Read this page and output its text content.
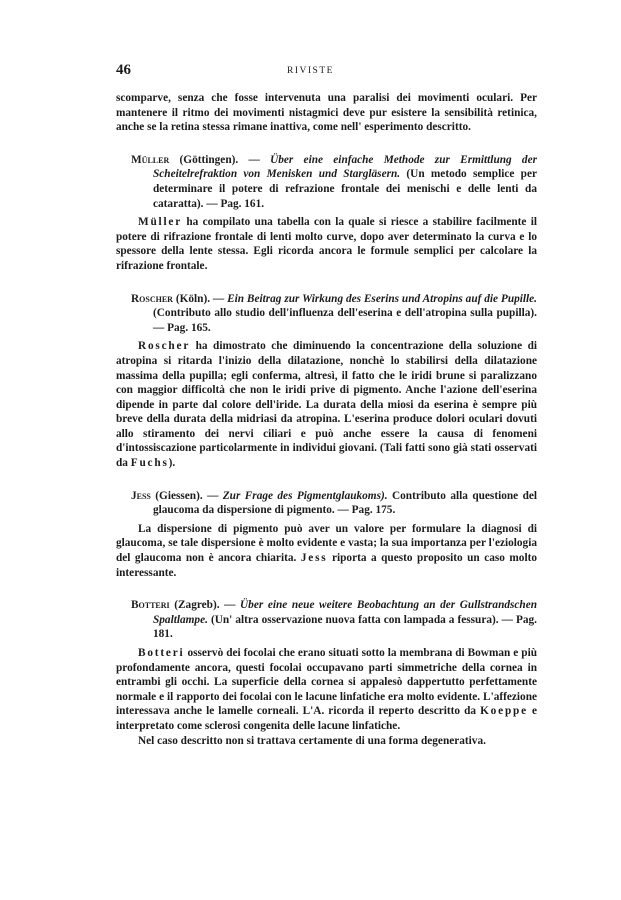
46	RIVISTE

scomparve, senza che fosse intervenuta una paralisi dei movimenti oculari. Per mantenere il ritmo dei movimenti nistagmici deve pur esistere la sensibilità retinica, anche se la retina stessa rimane inattiva, come nell' esperimento descritto.

Müller (Göttingen). — Über eine einfache Methode zur Ermittlung der Scheitelrefraktion von Menisken und Stargläsern. (Un metodo semplice per determinare il potere di refrazione frontale dei menischi e delle lenti da cataratta). — Pag. 161.

Müller ha compilato una tabella con la quale si riesce a stabilire facilmente il potere di rifrazione frontale di lenti molto curve, dopo aver determinato la curva e lo spessore della lente stessa. Egli ricorda ancora le formule semplici per calcolare la rifrazione frontale.

Roscher (Köln). — Ein Beitrag zur Wirkung des Eserins und Atropins auf die Pupille. (Contributo allo studio dell'influenza dell'eserina e dell'atropina sulla pupilla). — Pag. 165.

Roscher ha dimostrato che diminuendo la concentrazione della soluzione di atropina si ritarda l'inizio della dilatazione, nonchè lo stabilirsi della dilatazione massima della pupilla; egli conferma, altresì, il fatto che le iridi brune si paralizzano con maggior difficoltà che non le iridi prive di pigmento. Anche l'azione dell'eserina dipende in parte dal colore dell'iride. La durata della miosi da eserina è sempre più breve della durata della midriasi da atropina. L'eserina produce dolori oculari dovuti allo stiramento dei nervi ciliari e può anche essere la causa di fenomeni d'intossiscazione particolarmente in individui giovani. (Tali fatti sono già stati osservati da Fuchs).

Jess (Giessen). — Zur Frage des Pigmentglaukoms). Contributo alla questione del glaucoma da dispersione di pigmento. — Pag. 175.

La dispersione di pigmento può aver un valore per formulare la diagnosi di glaucoma, se tale dispersione è molto evidente e vasta; la sua importanza per l'eziologia del glaucoma non è ancora chiarita. Jess riporta a questo proposito un caso molto interessante.

Botteri (Zagreb). — Über eine neue weitere Beobachtung an der Gullstrandschen Spaltlampe. (Un' altra osservazione nuova fatta con lampada a fessura). — Pag. 181.

Botteri osservò dei focolai che erano situati sotto la membrana di Bowman e più profondamente ancora, questi focolai occupavano parti simmetriche della cornea in entrambi gli occhi. La superficie della cornea si appalesò dappertutto perfettamente normale e il rapporto dei focolai con le lacune linfatiche era molto evidente. L'affezione interessava anche le lamelle corneali. L'A. ricorda il reperto descritto da Koeppe e interpretato come sclerosi congenita delle lacune linfatiche.

Nel caso descritto non si trattava certamente di una forma degenerativa.
